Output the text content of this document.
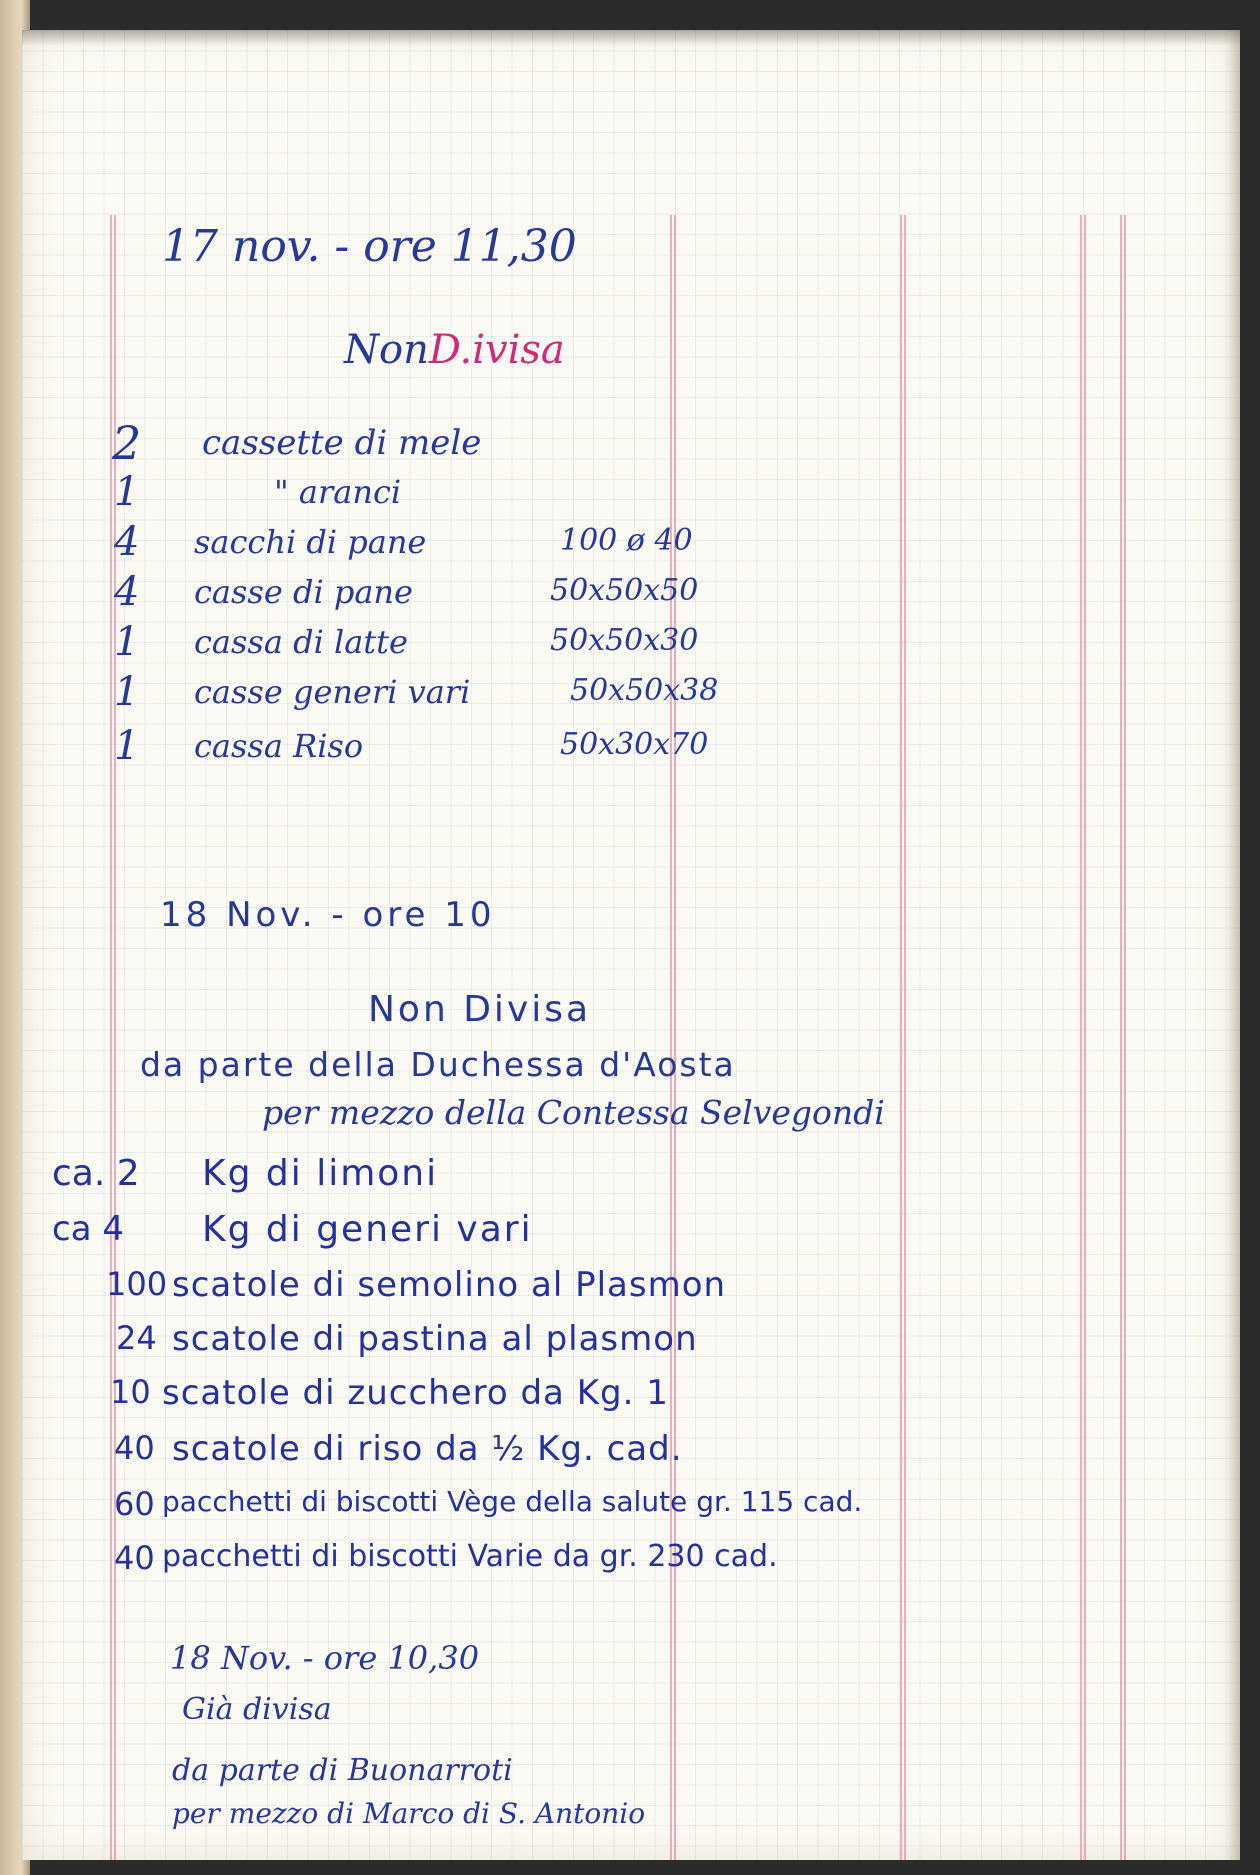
17 nov. - ore 11,30
NonD.ivisa
2 cassette di mele
1	" aranci
4 sacchi di pane	100 ø 40
4 casse di pane	50x50x50
1 cassa di latte	50x50x30
1 casse generi vari	50x50x38
1 cassa Riso	50x30x70
18 Nov. - ore 10
Non Divisa
da parte della Duchessa d'Aosta
per mezzo della Contessa Selvegondi
ca. 2 Kg di limoni
ca 4 Kg di generi vari
100 scatole di semolino al Plasmon
24 scatole di pastina al plasmon
10 scatole di zucchero da Kg. 1
40 scatole di riso da ½ Kg. cad.
60 pacchetti di biscotti Vège della salute gr. 115 cad.
40 pacchetti di biscotti Varie da gr. 230 cad.
18 Nov. - ore 10,30
Già divisa
da parte di Buonarroti
per mezzo di Marco di S. Antonio
